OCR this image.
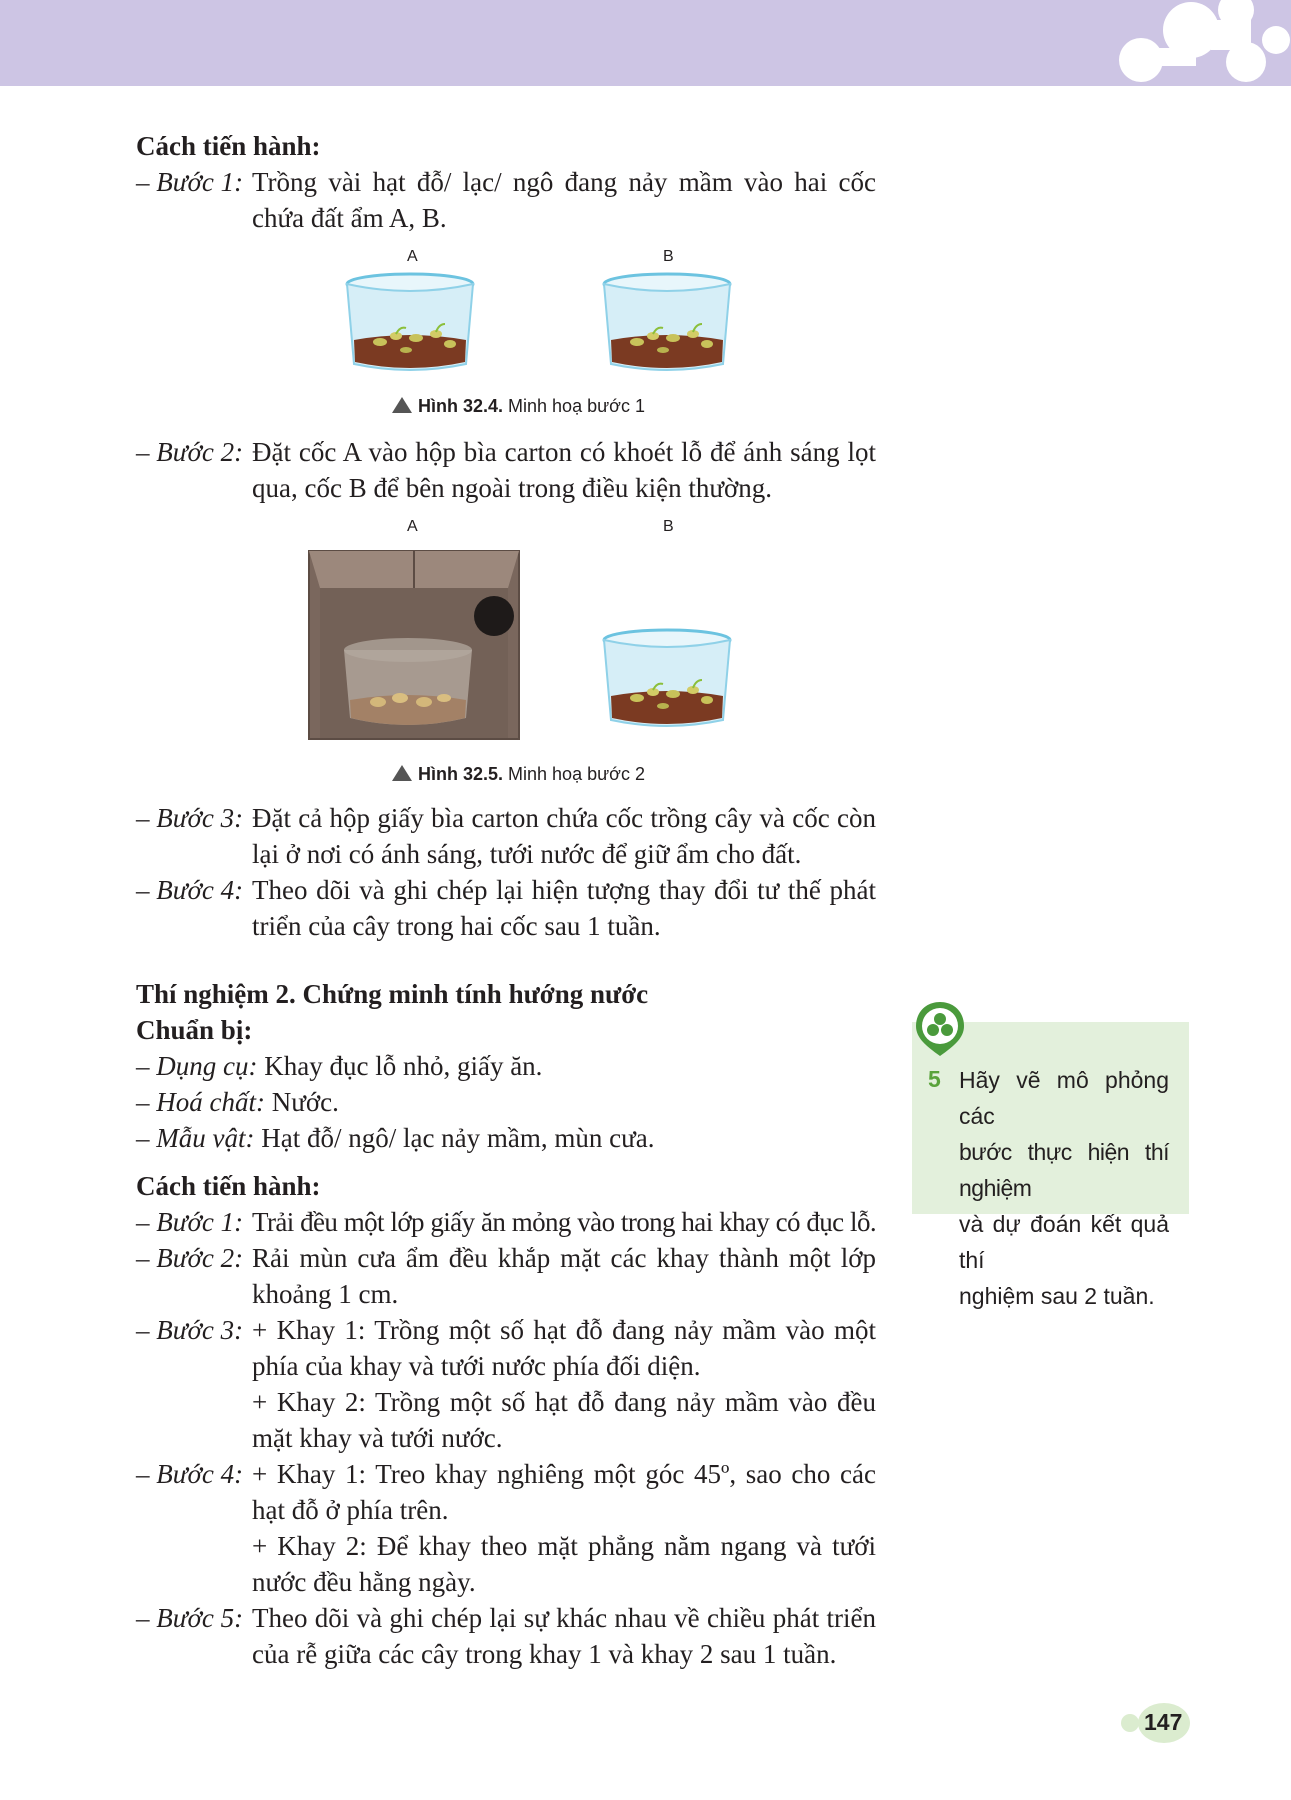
Cách tiến hành:
– Bước 1: Trồng vài hạt đỗ/ lạc/ ngô đang nảy mầm vào hai cốc
chứa đất ẩm A, B.
A	B
Hình 32.4. Minh hoạ bước 1
– Bước 2: Đặt cốc A vào hộp bìa carton có khoét lỗ để ánh sáng lọt
qua, cốc B để bên ngoài trong điều kiện thường.
A	B
Hình 32.5. Minh hoạ bước 2
– Bước 3: Đặt cả hộp giấy bìa carton chứa cốc trồng cây và cốc còn
lại ở nơi có ánh sáng, tưới nước để giữ ẩm cho đất.
– Bước 4: Theo dõi và ghi chép lại hiện tượng thay đổi tư thế phát
triển của cây trong hai cốc sau 1 tuần.
Thí nghiệm 2. Chứng minh tính hướng nước
Chuẩn bị:
– Dụng cụ: Khay đục lỗ nhỏ, giấy ăn.
– Hoá chất: Nước.
– Mẫu vật: Hạt đỗ/ ngô/ lạc nảy mầm, mùn cưa.
Cách tiến hành:
– Bước 1: Trải đều một lớp giấy ăn mỏng vào trong hai khay có đục lỗ.
– Bước 2: Rải mùn cưa ẩm đều khắp mặt các khay thành một lớp
khoảng 1 cm.
– Bước 3: + Khay 1: Trồng một số hạt đỗ đang nảy mầm vào một
phía của khay và tưới nước phía đối diện.
+ Khay 2: Trồng một số hạt đỗ đang nảy mầm vào đều
mặt khay và tưới nước.
– Bước 4: + Khay 1: Treo khay nghiêng một góc 45º, sao cho các
hạt đỗ ở phía trên.
+ Khay 2: Để khay theo mặt phẳng nằm ngang và tưới
nước đều hằng ngày.
– Bước 5: Theo dõi và ghi chép lại sự khác nhau về chiều phát triển
của rễ giữa các cây trong khay 1 và khay 2 sau 1 tuần.
5 Hãy vẽ mô phỏng các
bước thực hiện thí nghiệm
và dự đoán kết quả thí
nghiệm sau 2 tuần.
147
